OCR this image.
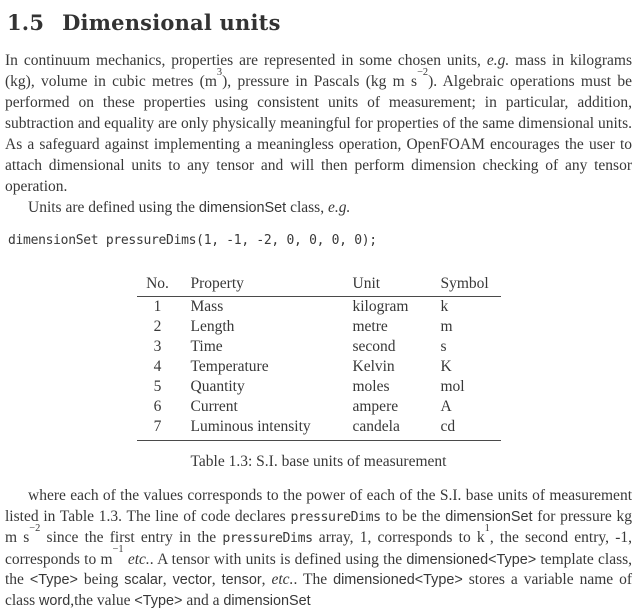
1.5 Dimensional units

In continuum mechanics, properties are represented in some chosen units, e.g. mass in kilograms (kg), volume in cubic metres $(m^3)$, pressure in Pascals (kg m $s^{-2}$). Algebraic operations must be performed on these properties using consistent units of measurement; in particular, addition, subtraction and equality are only physically meaningful for properties of the same dimensional units. As a safeguard against implementing a meaningless operation, OpenFOAM encourages the user to attach dimensional units to any tensor and will then perform dimension checking of any tensor operation.

Units are defined using the dimensionSet class, e.g.

dimensionSet pressureDims(1, -1, -2, 0, 0, 0, 0);
No.	Property	Unit	Symbol
1	Mass	kilogram	k
2	Length	metre	m
3	Time	second	s
4	Temperature	Kelvin	K
5	Quantity	moles	mol
6	Current	ampere	A
7	Luminous intensity	candela	cd
Table 1.3: S.I. base units of measurement

where each of the values corresponds to the power of each of the S.I. base units of measurement listed in Table 1.3. The line of code declares pressureDims to be the dimensionSet for pressure kg m $s^{-2}$ since the first entry in the pressureDims array, 1, corresponds to $k^1$, the second entry, -1, corresponds to $m^{-1}$ etc.. A tensor with units is defined using the dimensioned<Type> template class, the <Type> being scalar, vector, tensor, etc.. The dimensioned<Type> stores a variable name of class word,the value <Type> and a dimensionSet
